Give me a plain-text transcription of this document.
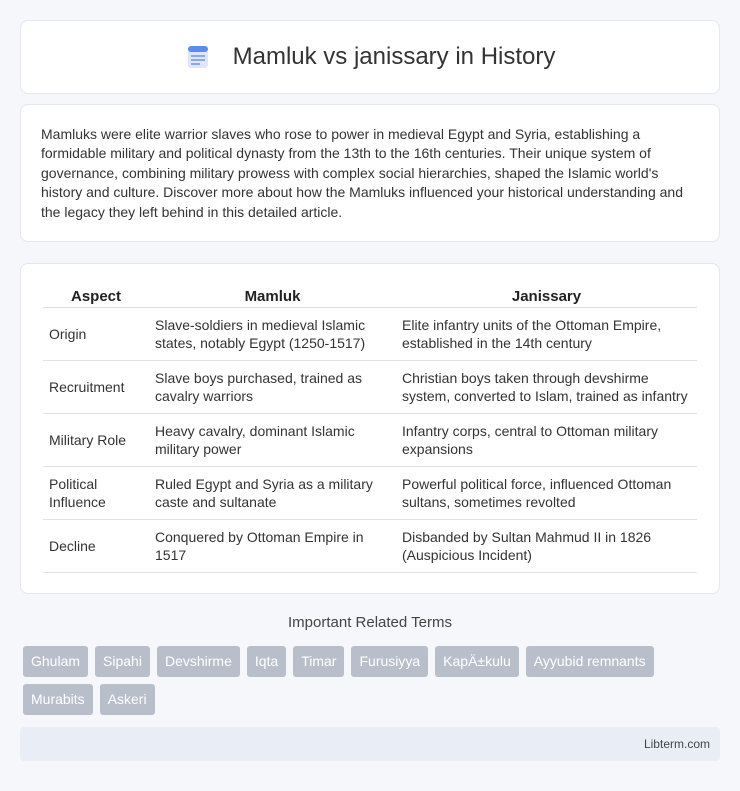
Mamluk vs janissary in History

Mamluks were elite warrior slaves who rose to power in medieval Egypt and Syria, establishing a formidable military and political dynasty from the 13th to the 16th centuries. Their unique system of governance, combining military prowess with complex social hierarchies, shaped the Islamic world's history and culture. Discover more about how the Mamluks influenced your historical understanding and the legacy they left behind in this detailed article.

Aspect	Mamluk	Janissary
Origin	Slave-soldiers in medieval Islamic states, notably Egypt (1250-1517)	Elite infantry units of the Ottoman Empire, established in the 14th century
Recruitment	Slave boys purchased, trained as cavalry warriors	Christian boys taken through devshirme system, converted to Islam, trained as infantry
Military Role	Heavy cavalry, dominant Islamic military power	Infantry corps, central to Ottoman military expansions
Political Influence	Ruled Egypt and Syria as a military caste and sultanate	Powerful political force, influenced Ottoman sultans, sometimes revolted
Decline	Conquered by Ottoman Empire in 1517	Disbanded by Sultan Mahmud II in 1826 (Auspicious Incident)
Important Related Terms
Ghulam	Sipahi	Devshirme	Iqta	Timar	Furusiyya	KapÄ±kulu	Ayyubid remnants
Murabits	Askeri
Libterm.com
